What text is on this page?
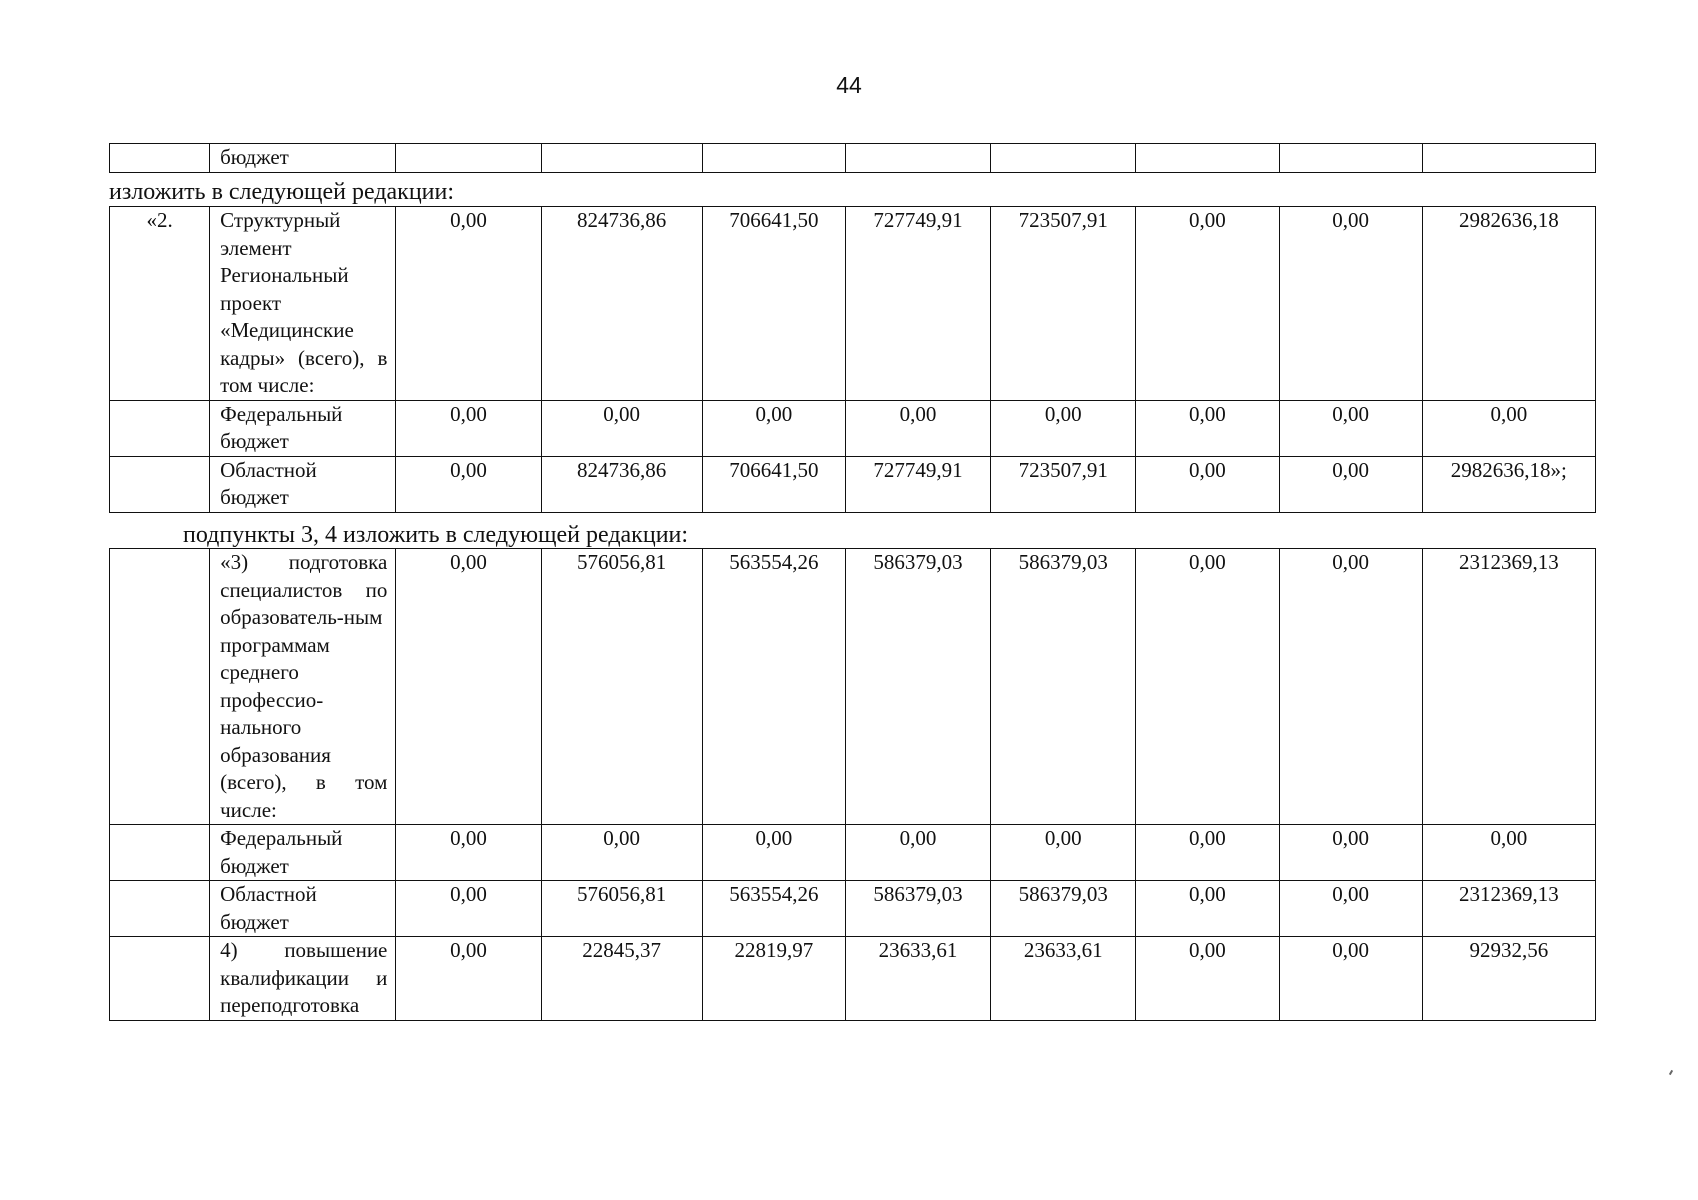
44
	бюджет								
изложить в следующей редакции:
«2.	Структурный элемент Региональный проект «Медицинские кадры» (всего), в том числе:	0,00	824736,86	706641,50	727749,91	723507,91	0,00	0,00	2982636,18
	Федеральный бюджет	0,00	0,00	0,00	0,00	0,00	0,00	0,00	0,00
	Областной бюджет	0,00	824736,86	706641,50	727749,91	723507,91	0,00	0,00	2982636,18»;
подпункты 3, 4 изложить в следующей редакции:
	«3) подготовка специалистов по образователь-ным программам среднего профессио-нального образования (всего), в том числе:	0,00	576056,81	563554,26	586379,03	586379,03	0,00	0,00	2312369,13
	Федеральный бюджет	0,00	0,00	0,00	0,00	0,00	0,00	0,00	0,00
	Областной бюджет	0,00	576056,81	563554,26	586379,03	586379,03	0,00	0,00	2312369,13
	4) повышение квалификации и переподготовка	0,00	22845,37	22819,97	23633,61	23633,61	0,00	0,00	92932,56
